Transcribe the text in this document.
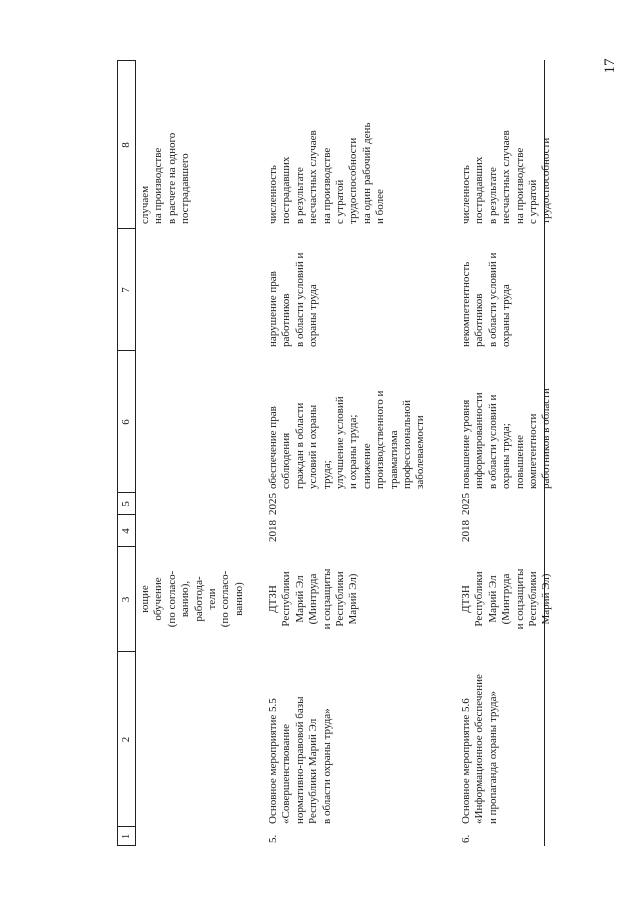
17
1
2
3
4
5
6
7
8
ющие
обучение
(по согласо-
ванию),
работода-
тели
(по согласо-
ванию)
случаем
на производстве
в расчете на одного
пострадавшего
5.
Основное мероприятие 5.5
«Совершенствование
нормативно-правовой базы
Республики Марий Эл
в области охраны труда»
ДТЗН
Республики
Марий Эл
(Минтруда
и соцзащиты
Республики
Марий Эл)
2018
2025
обеспечение прав
соблюдения
граждан в области
условий и охраны
труда;
улучшение условий
и охраны труда;
снижение
производственного и
травматизма
профессиональной
заболеваемости
нарушение прав
работников
в области условий и
охраны труда
численность
пострадавших
в результате
несчастных случаев
на производстве
с утратой
трудоспособности
на один рабочий день
и более
6.
Основное мероприятие 5.6
«Информационное обеспечение
и пропаганда охраны труда»
ДТЗН
Республики
Марий Эл
(Минтруда
и соцзащиты
Республики
Марий Эл)
2018
2025
повышение уровня
информированности
в области условий и
охраны труда;
повышение
компетентности
работников в области
некомпетентность
работников
в области условий и
охраны труда
численность
пострадавших
в результате
несчастных случаев
на производстве
с утратой
трудоспособности
